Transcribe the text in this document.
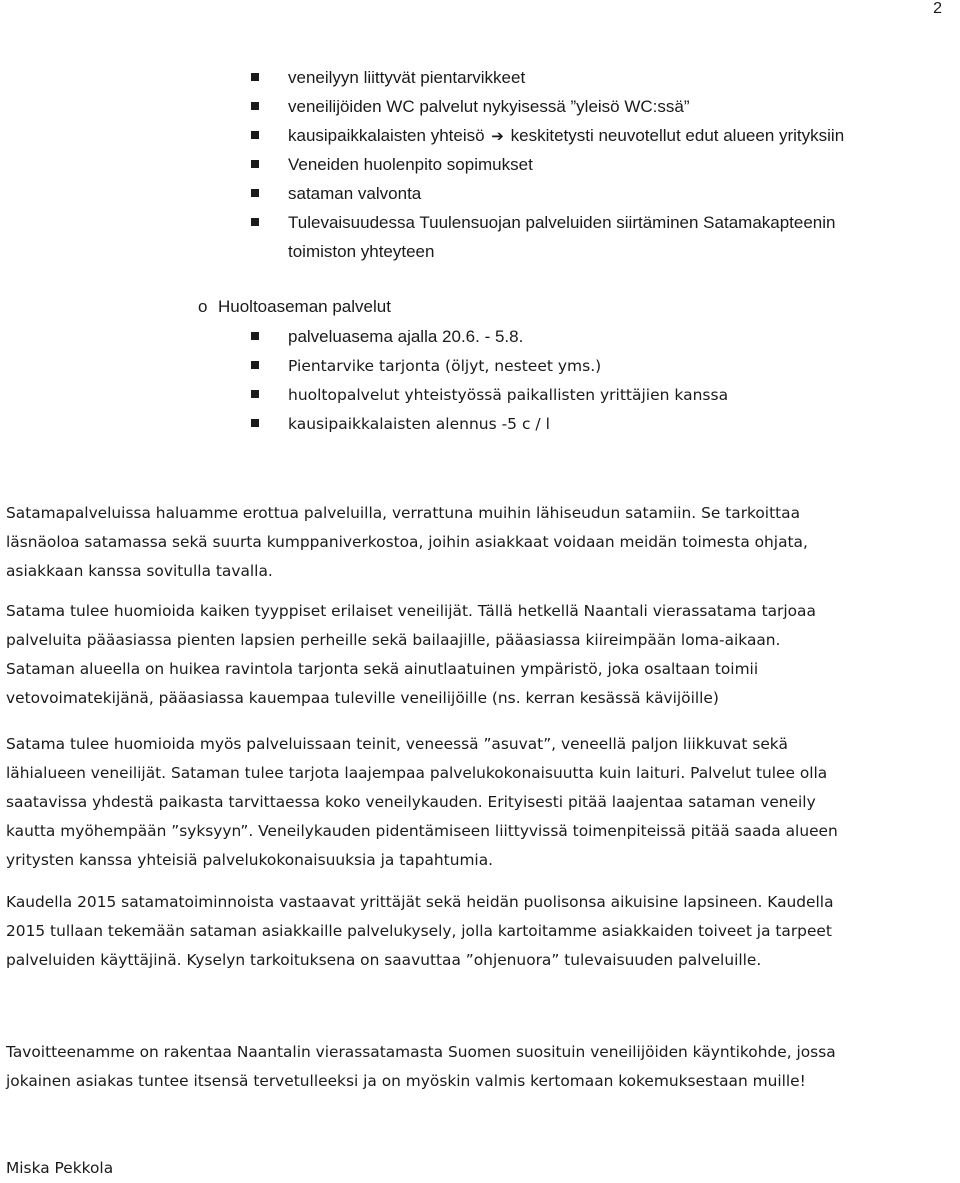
2
veneilyyn liittyvät pientarvikkeet
veneilijöiden WC palvelut nykyisessä ”yleisö WC:ssä”
kausipaikkalaisten yhteisö ➔ keskitetysti neuvotellut edut alueen yrityksiin
Veneiden huolenpito sopimukset
sataman valvonta
Tulevaisuudessa Tuulensuojan palveluiden siirtäminen Satamakapteenin
toimiston yhteyteen
o Huoltoaseman palvelut
palveluasema ajalla 20.6. - 5.8.
Pientarvike tarjonta (öljyt, nesteet yms.)
huoltopalvelut yhteistyössä paikallisten yrittäjien kanssa
kausipaikkalaisten alennus -5 c / l
Satamapalveluissa haluamme erottua palveluilla, verrattuna muihin lähiseudun satamiin. Se tarkoittaa
läsnäoloa satamassa sekä suurta kumppaniverkostoa, joihin asiakkaat voidaan meidän toimesta ohjata,
asiakkaan kanssa sovitulla tavalla.
Satama tulee huomioida kaiken tyyppiset erilaiset veneilijät. Tällä hetkellä Naantali vierassatama tarjoaa
palveluita pääasiassa pienten lapsien perheille sekä bailaajille, pääasiassa kiireimpään loma-aikaan.
Sataman alueella on huikea ravintola tarjonta sekä ainutlaatuinen ympäristö, joka osaltaan toimii
vetovoimatekijänä, pääasiassa kauempaa tuleville veneilijöille (ns. kerran kesässä kävijöille)
Satama tulee huomioida myös palveluissaan teinit, veneessä ”asuvat”, veneellä paljon liikkuvat sekä
lähialueen veneilijät. Sataman tulee tarjota laajempaa palvelukokonaisuutta kuin laituri. Palvelut tulee olla
saatavissa yhdestä paikasta tarvittaessa koko veneilykauden. Erityisesti pitää laajentaa sataman veneily
kautta myöhempään ”syksyyn”. Veneilykauden pidentämiseen liittyvissä toimenpiteissä pitää saada alueen
yritysten kanssa yhteisiä palvelukokonaisuuksia ja tapahtumia.
Kaudella 2015 satamatoiminnoista vastaavat yrittäjät sekä heidän puolisonsa aikuisine lapsineen. Kaudella
2015 tullaan tekemään sataman asiakkaille palvelukysely, jolla kartoitamme asiakkaiden toiveet ja tarpeet
palveluiden käyttäjinä. Kyselyn tarkoituksena on saavuttaa ”ohjenuora” tulevaisuuden palveluille.
Tavoitteenamme on rakentaa Naantalin vierassatamasta Suomen suosituin veneilijöiden käyntikohde, jossa
jokainen asiakas tuntee itsensä tervetulleeksi ja on myöskin valmis kertomaan kokemuksestaan muille!
Miska Pekkola
